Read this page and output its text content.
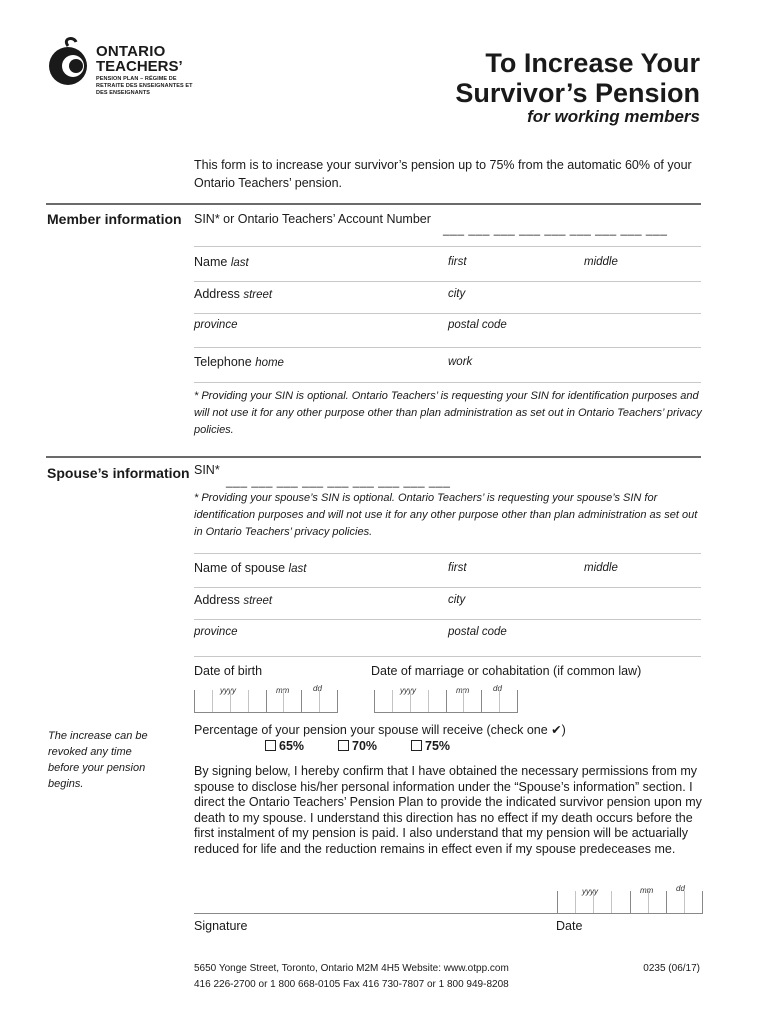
ONTARIO
TEACHERS’
PENSION PLAN – RÉGIME DE RETRAITE DES ENSEIGNANTES ET DES ENSEIGNANTS
To Increase Your
Survivor’s Pension
for working members
This form is to increase your survivor’s pension up to 75% from the automatic 60% of your Ontario Teachers’ pension.
Member information SIN* or Ontario Teachers’ Account Number
___ ___ ___ ___ ___ ___ ___ ___ ___
Name last	first	middle
Address street	city
province	postal code
Telephone home	work
* Providing your SIN is optional. Ontario Teachers’ is requesting your SIN for identification purposes and will not use it for any other purpose other than plan administration as set out in Ontario Teachers’ privacy policies.
Spouse’s information SIN*
___ ___ ___ ___ ___ ___ ___ ___ ___
* Providing your spouse’s SIN is optional. Ontario Teachers’ is requesting your spouse’s SIN for identification purposes and will not use it for any other purpose other than plan administration as set out in Ontario Teachers’ privacy policies.
Name of spouse last	first	middle
Address street	city
province	postal code
Date of birth	Date of marriage or cohabitation (if common law)
yyyy	mm	dd	yyyy	mm	dd
The increase can be revoked any time before your pension begins.
Percentage of your pension your spouse will receive (check one ✔)
65%	70%	75%
By signing below, I hereby confirm that I have obtained the necessary permissions from my spouse to disclose his/her personal information under the “Spouse’s information” section. I direct the Ontario Teachers’ Pension Plan to provide the indicated survivor pension upon my death to my spouse. I understand this direction has no effect if my death occurs before the first instalment of my pension is paid. I also understand that my pension will be actuarially reduced for life and the reduction remains in effect even if my spouse predeceases me.
yyyy	mm	dd
Signature	Date
5650 Yonge Street, Toronto, Ontario M2M 4H5 Website: www.otpp.com
416 226-2700 or 1 800 668-0105 Fax 416 730-7807 or 1 800 949-8208
0235 (06/17)
